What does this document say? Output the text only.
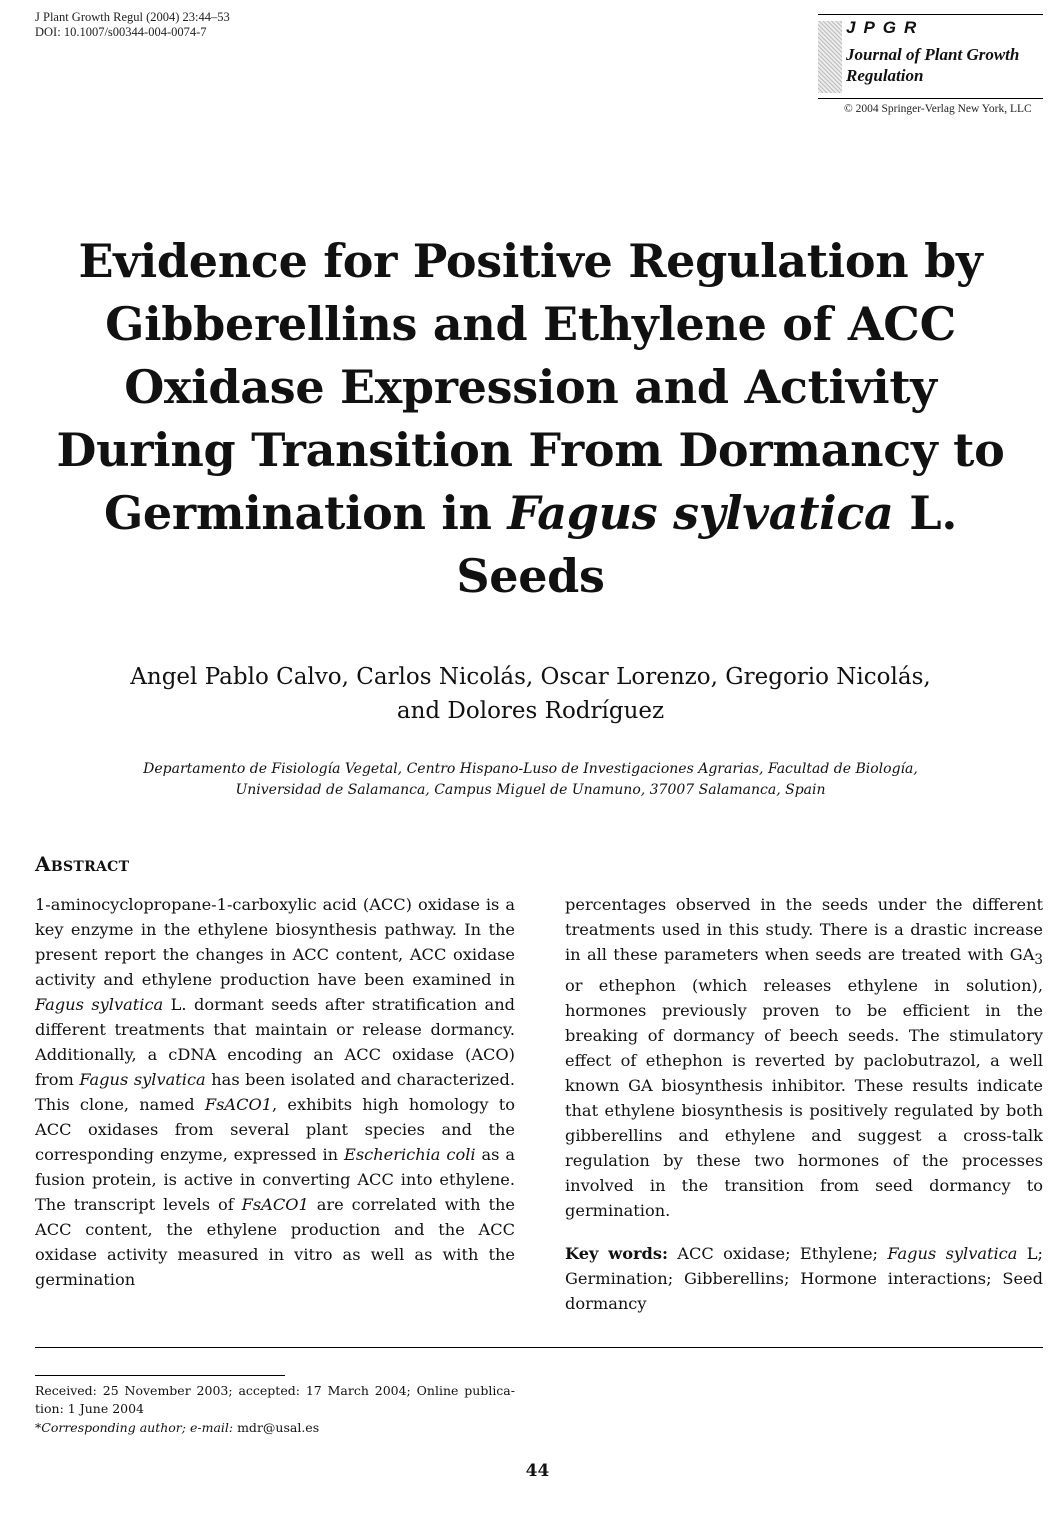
J Plant Growth Regul (2004) 23:44–53
DOI: 10.1007/s00344-004-0074-7	JPGR
Journal of Plant Growth Regulation
© 2004 Springer-Verlag New York, LLC
Evidence for Positive Regulation by Gibberellins and Ethylene of ACC Oxidase Expression and Activity During Transition From Dormancy to Germination in Fagus sylvatica L. Seeds
Angel Pablo Calvo, Carlos Nicolás, Oscar Lorenzo, Gregorio Nicolás,
and Dolores Rodríguez
Departamento de Fisiología Vegetal, Centro Hispano-Luso de Investigaciones Agrarias, Facultad de Biología,
Universidad de Salamanca, Campus Miguel de Unamuno, 37007 Salamanca, Spain
Abstract

1-aminocyclopropane-1-carboxylic acid (ACC) oxidase is a key enzyme in the ethylene biosynthesis pathway. In the present report the changes in ACC content, ACC oxidase activity and ethylene production have been examined in Fagus sylvatica L. dormant seeds after stratification and different treatments that maintain or release dormancy. Additionally, a cDNA encoding an ACC oxidase (ACO) from Fagus sylvatica has been isolated and characterized. This clone, named FsACO1, exhibits high homology to ACC oxidases from several plant species and the corresponding enzyme, expressed in Escherichia coli as a fusion protein, is active in converting ACC into ethylene. The transcript levels of FsACO1 are correlated with the ACC content, the ethylene production and the ACC oxidase activity measured in vitro as well as with the germination

percentages observed in the seeds under the different treatments used in this study. There is a drastic increase in all these parameters when seeds are treated with $GA_3$ or ethephon (which releases ethylene in solution), hormones previously proven to be efficient in the breaking of dormancy of beech seeds. The stimulatory effect of ethephon is reverted by paclobutrazol, a well known GA biosynthesis inhibitor. These results indicate that ethylene biosynthesis is positively regulated by both gibberellins and ethylene and suggest a cross-talk regulation by these two hormones of the processes involved in the transition from seed dormancy to germination.

Key words: ACC oxidase; Ethylene; Fagus sylvatica L; Germination; Gibberellins; Hormone interactions; Seed dormancy

Received: 25 November 2003; accepted: 17 March 2004; Online publication: 1 June 2004

*Corresponding author; e-mail: mdr@usal.es

44
